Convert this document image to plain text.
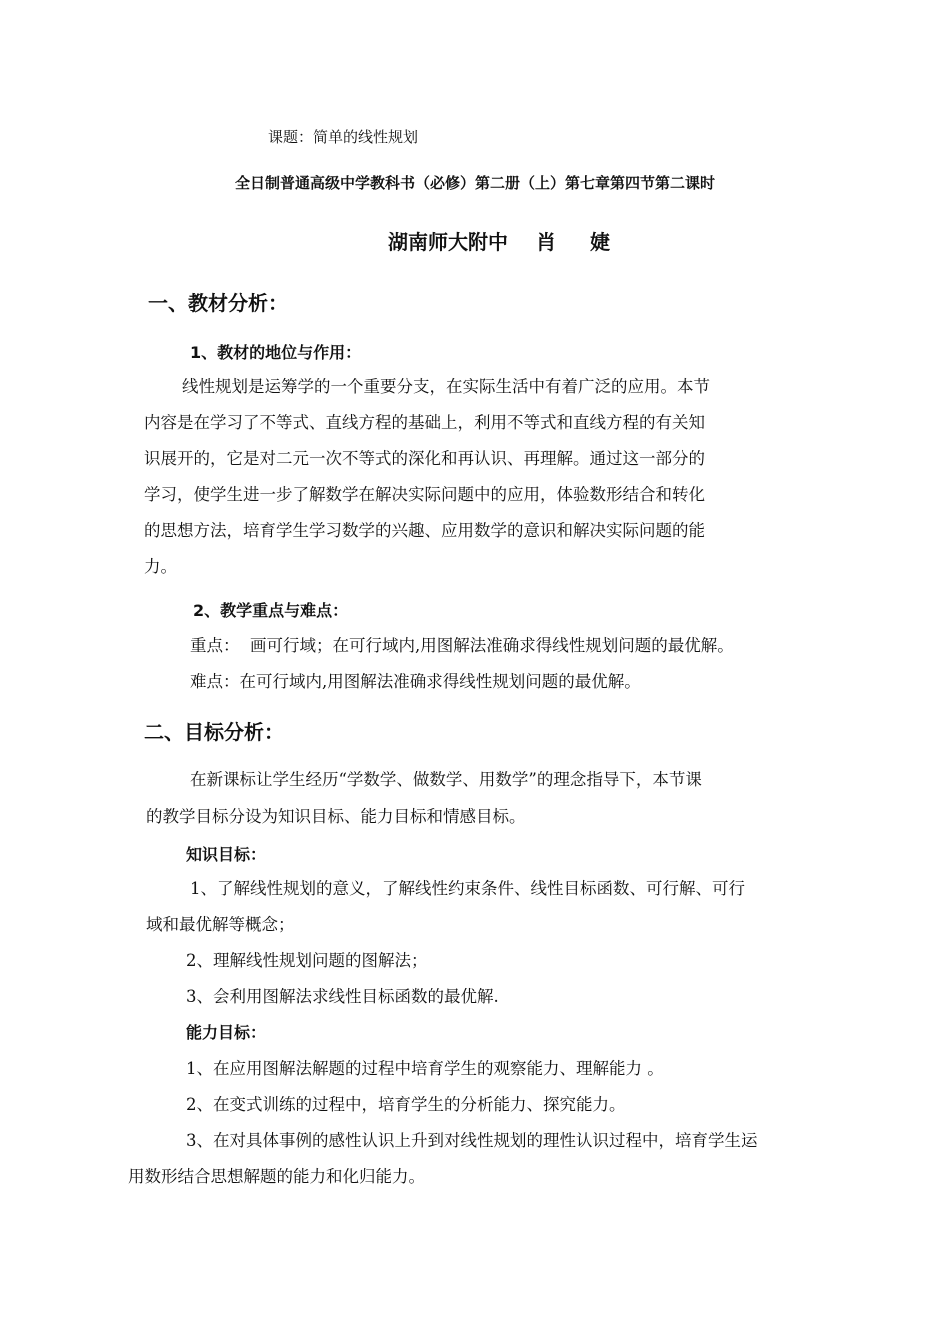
课题：简单的线性规划
全日制普通高级中学教科书（必修）第二册（上）第七章第四节第二课时
湖南师大附中 肖 婕
一、教材分析：
1、教材的地位与作用：
线性规划是运筹学的一个重要分支，在实际生活中有着广泛的应用。本节
内容是在学习了不等式、直线方程的基础上，利用不等式和直线方程的有关知
识展开的，它是对二元一次不等式的深化和再认识、再理解。通过这一部分的
学习，使学生进一步了解数学在解决实际问题中的应用，体验数形结合和转化
的思想方法，培育学生学习数学的兴趣、应用数学的意识和解决实际问题的能
力。
2、教学重点与难点：
重点：  画可行域；在可行域内,用图解法准确求得线性规划问题的最优解。
难点：在可行域内,用图解法准确求得线性规划问题的最优解。
二、目标分析：
在新课标让学生经历“学数学、做数学、用数学”的理念指导下，本节课
的教学目标分设为知识目标、能力目标和情感目标。
知识目标：
1、了解线性规划的意义，了解线性约束条件、线性目标函数、可行解、可行
域和最优解等概念；
2、理解线性规划问题的图解法；
3、会利用图解法求线性目标函数的最优解.
能力目标：
1、在应用图解法解题的过程中培育学生的观察能力、理解能力 。
2、在变式训练的过程中，培育学生的分析能力、探究能力。
3、在对具体事例的感性认识上升到对线性规划的理性认识过程中，培育学生运
用数形结合思想解题的能力和化归能力。
